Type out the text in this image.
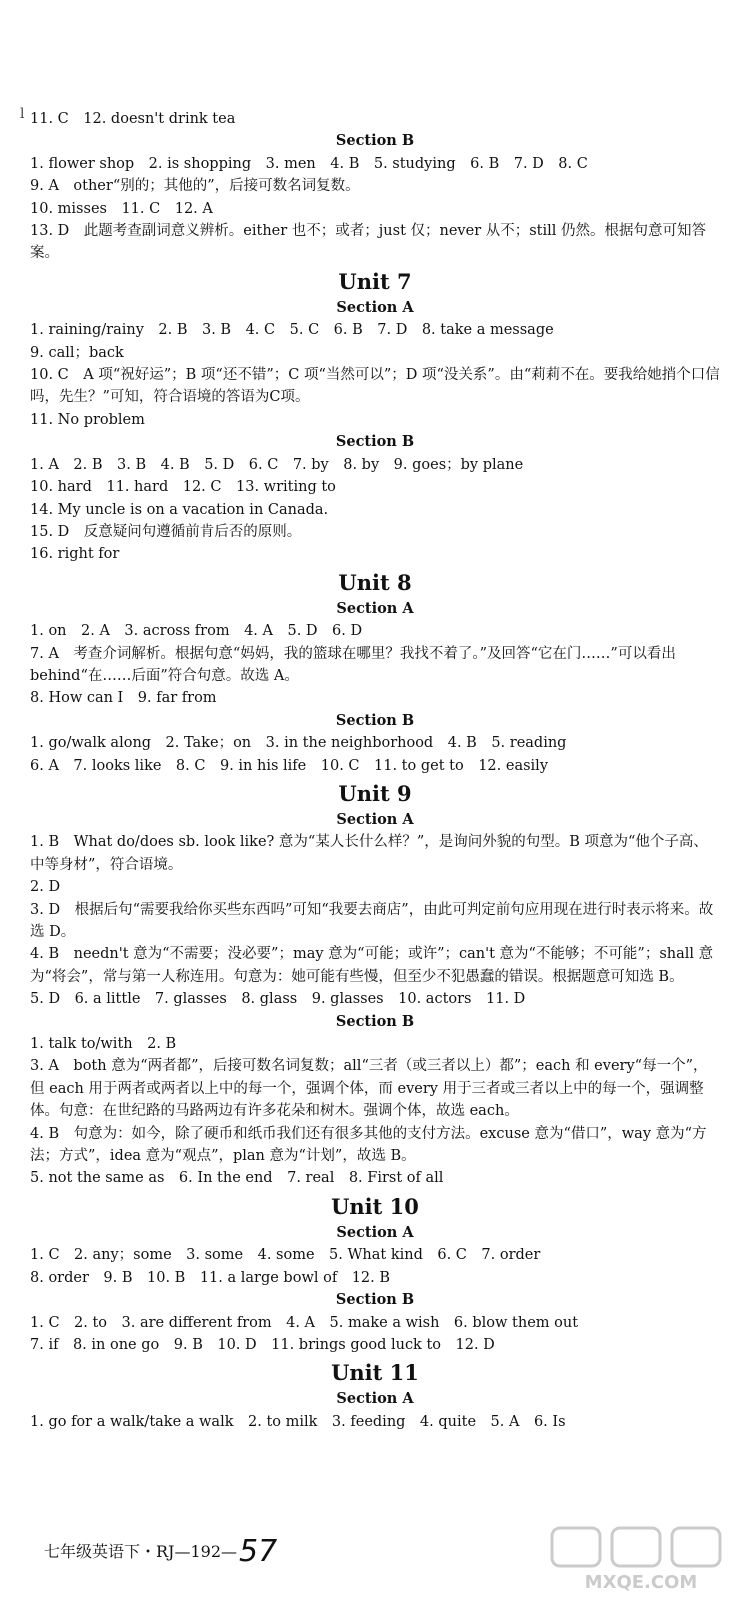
l 11. C　12. doesn't drink tea
Section B
1. flower shop　2. is shopping　3. men　4. B　5. studying　6. B　7. D　8. C
9. A　other“别的；其他的”，后接可数名词复数。
10. misses　11. C　12. A
13. D　此题考查副词意义辨析。either 也不；或者；just 仅；never 从不；still 仍然。根据句意可知答案。
Unit 7
Section A
1. raining/rainy　2. B　3. B　4. C　5. C　6. B　7. D　8. take a message
9. call；back
10. C　A 项“祝好运”；B 项“还不错”；C 项“当然可以”；D 项“没关系”。由“莉莉不在。要我给她捎个口信吗，先生？”可知，符合语境的答语为C项。
11. No problem
Section B
1. A　2. B　3. B　4. B　5. D　6. C　7. by　8. by　9. goes；by plane
10. hard　11. hard　12. C　13. writing to
14. My uncle is on a vacation in Canada.
15. D　反意疑问句遵循前肯后否的原则。
16. right for
Unit 8
Section A
1. on　2. A　3. across from　4. A　5. D　6. D
7. A　考查介词解析。根据句意“妈妈，我的篮球在哪里？我找不着了。”及回答“它在门……”可以看出 behind“在……后面”符合句意。故选 A。
8. How can I　9. far from
Section B
1. go/walk along　2. Take；on　3. in the neighborhood　4. B　5. reading
6. A　7. looks like　8. C　9. in his life　10. C　11. to get to　12. easily
Unit 9
Section A
1. B　What do/does sb. look like? 意为“某人长什么样？”，是询问外貌的句型。B 项意为“他个子高、中等身材”，符合语境。
2. D
3. D　根据后句“需要我给你买些东西吗”可知“我要去商店”，由此可判定前句应用现在进行时表示将来。故选 D。
4. B　needn't 意为“不需要；没必要”；may 意为“可能；或许”；can't 意为“不能够；不可能”；shall 意为“将会”，常与第一人称连用。句意为：她可能有些慢，但至少不犯愚蠢的错误。根据题意可知选 B。
5. D　6. a little　7. glasses　8. glass　9. glasses　10. actors　11. D
Section B
1. talk to/with　2. B
3. A　both 意为“两者都”，后接可数名词复数；all“三者（或三者以上）都”；each 和 every“每一个”，但 each 用于两者或两者以上中的每一个，强调个体，而 every 用于三者或三者以上中的每一个，强调整体。句意：在世纪路的马路两边有许多花朵和树木。强调个体，故选 each。
4. B　句意为：如今，除了硬币和纸币我们还有很多其他的支付方法。excuse 意为“借口”，way 意为“方法；方式”，idea 意为“观点”，plan 意为“计划”，故选 B。
5. not the same as　6. In the end　7. real　8. First of all
Unit 10
Section A
1. C　2. any；some　3. some　4. some　5. What kind　6. C　7. order
8. order　9. B　10. B　11. a large bowl of　12. B
Section B
1. C　2. to　3. are different from　4. A　5. make a wish　6. blow them out
7. if　8. in one go　9. B　10. D　11. brings good luck to　12. D
Unit 11
Section A
1. go for a walk/take a walk　2. to milk　3. feeding　4. quite　5. A　6. Is
七年级英语下・RJ—192—57
MXQE.COM
